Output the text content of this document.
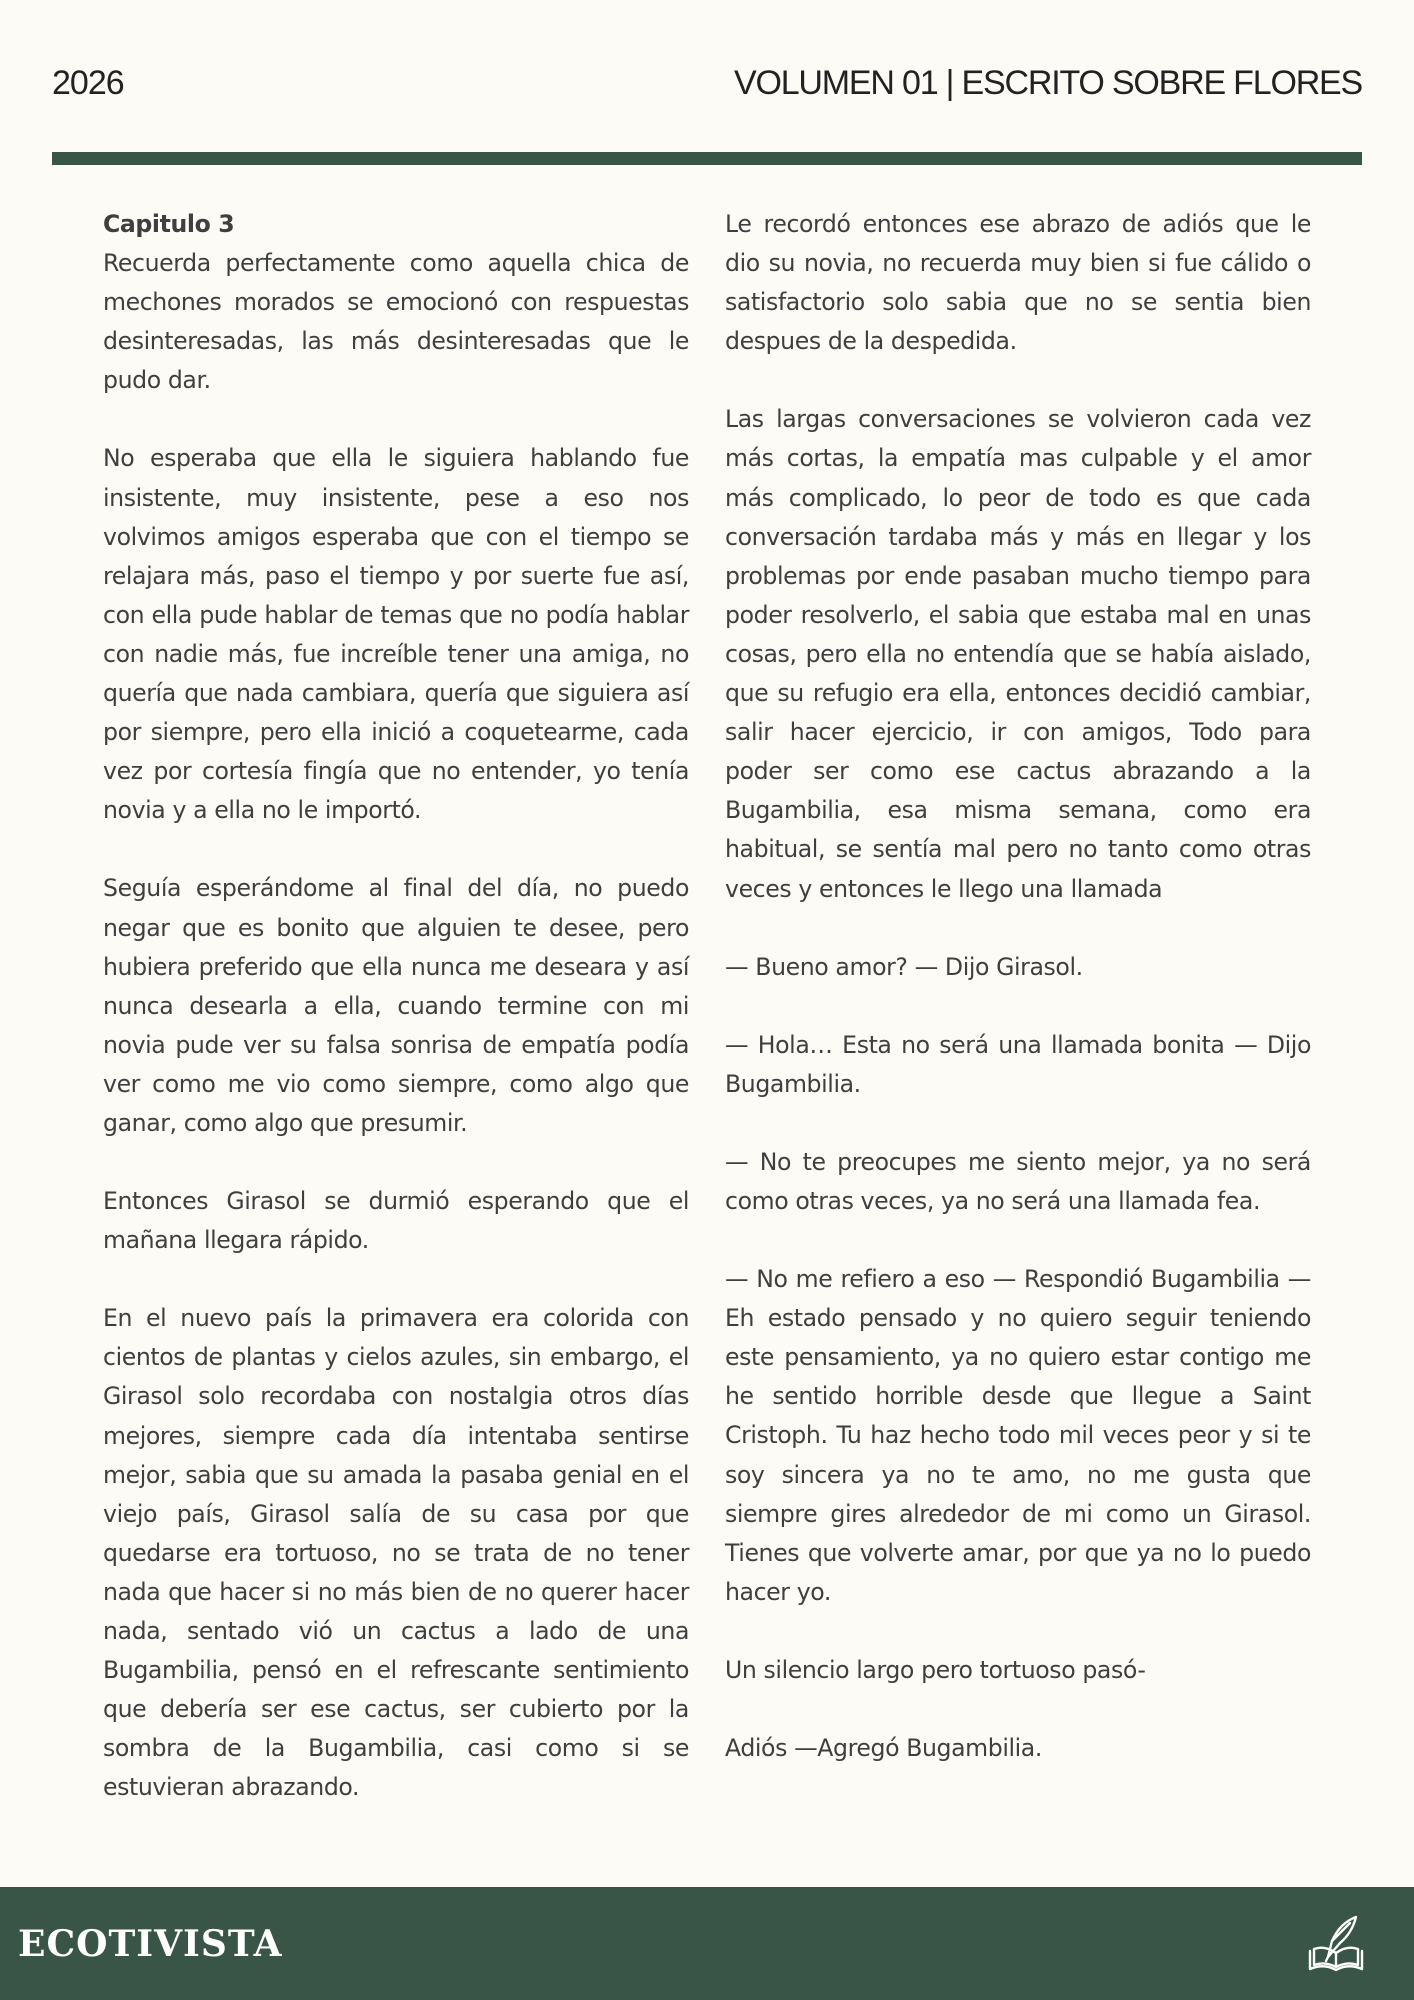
2026	VOLUMEN 01 | ESCRITO SOBRE FLORES
Capitulo 3

Recuerda perfectamente como aquella chica de mechones morados se emocionó con respuestas desinteresadas, las más desinteresadas que le pudo dar.

No esperaba que ella le siguiera hablando fue insistente, muy insistente, pese a eso nos volvimos amigos esperaba que con el tiempo se relajara más, paso el tiempo y por suerte fue así, con ella pude hablar de temas que no podía hablar con nadie más, fue increíble tener una amiga, no quería que nada cambiara, quería que siguiera así por siempre, pero ella inició a coquetearme, cada vez por cortesía fingía que no entender, yo tenía novia y a ella no le importó.

Seguía esperándome al final del día, no puedo negar que es bonito que alguien te desee, pero hubiera preferido que ella nunca me deseara y así nunca desearla a ella, cuando termine con mi novia pude ver su falsa sonrisa de empatía podía ver como me vio como siempre, como algo que ganar, como algo que presumir.

Entonces Girasol se durmió esperando que el mañana llegara rápido.

En el nuevo país la primavera era colorida con cientos de plantas y cielos azules, sin embargo, el Girasol solo recordaba con nostalgia otros días mejores, siempre cada día intentaba sentirse mejor, sabia que su amada la pasaba genial en el viejo país, Girasol salía de su casa por que quedarse era tortuoso, no se trata de no tener nada que hacer si no más bien de no querer hacer nada, sentado vió un cactus a lado de una Bugambilia, pensó en el refrescante sentimiento que debería ser ese cactus, ser cubierto por la sombra de la Bugambilia, casi como si se estuvieran abrazando.

Le recordó entonces ese abrazo de adiós que le dio su novia, no recuerda muy bien si fue cálido o satisfactorio solo sabia que no se sentia bien despues de la despedida.

Las largas conversaciones se volvieron cada vez más cortas, la empatía mas culpable y el amor más complicado, lo peor de todo es que cada conversación tardaba más y más en llegar y los problemas por ende pasaban mucho tiempo para poder resolverlo, el sabia que estaba mal en unas cosas, pero ella no entendía que se había aislado, que su refugio era ella, entonces decidió cambiar, salir hacer ejercicio, ir con amigos, Todo para poder ser como ese cactus abrazando a la Bugambilia, esa misma semana, como era habitual, se sentía mal pero no tanto como otras veces y entonces le llego una llamada

— Bueno amor? — Dijo Girasol.

— Hola… Esta no será una llamada bonita — Dijo Bugambilia.

— No te preocupes me siento mejor, ya no será como otras veces, ya no será una llamada fea.

— No me refiero a eso — Respondió Bugambilia — Eh estado pensado y no quiero seguir teniendo este pensamiento, ya no quiero estar contigo me he sentido horrible desde que llegue a Saint Cristoph. Tu haz hecho todo mil veces peor y si te soy sincera ya no te amo, no me gusta que siempre gires alrededor de mi como un Girasol. Tienes que volverte amar, por que ya no lo puedo hacer yo.

Un silencio largo pero tortuoso pasó-

Adiós —Agregó Bugambilia.

ECOTIVISTA
